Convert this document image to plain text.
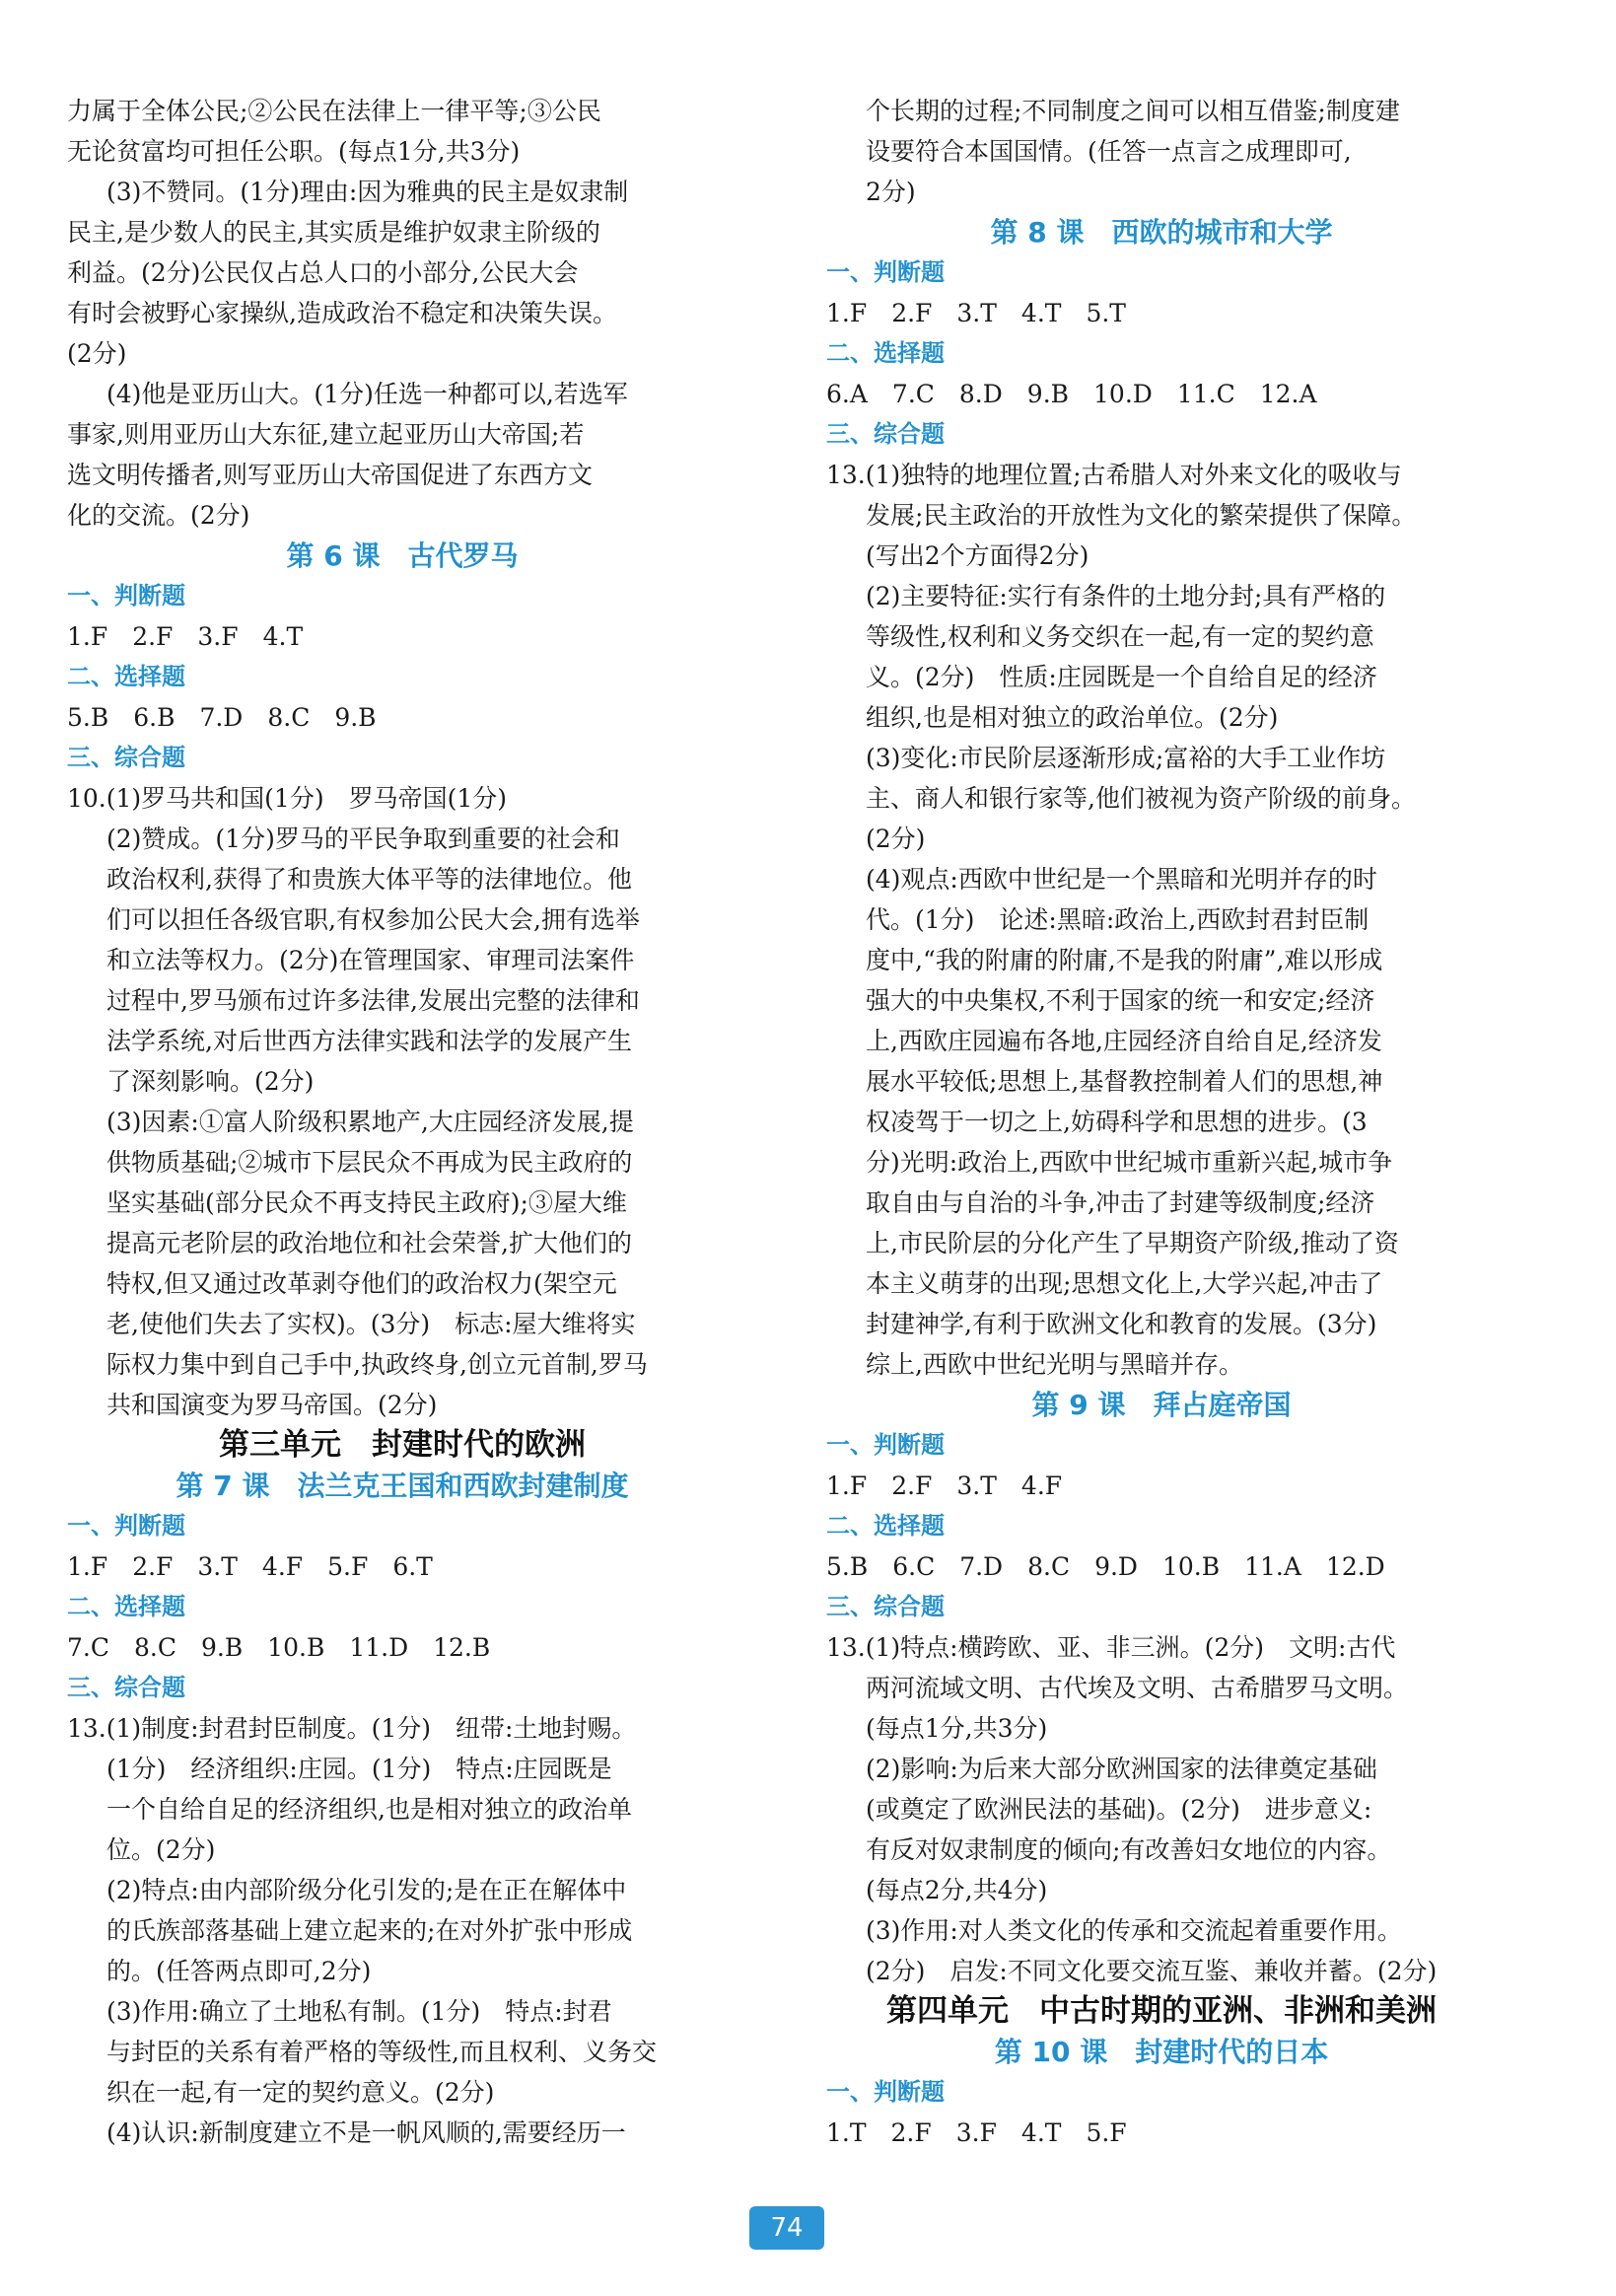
力属于全体公民;②公民在法律上一律平等;③公民
无论贫富均可担任公职。(每点1分,共3分)
(3)不赞同。(1分)理由:因为雅典的民主是奴隶制
民主,是少数人的民主,其实质是维护奴隶主阶级的
利益。(2分)公民仅占总人口的小部分,公民大会
有时会被野心家操纵,造成政治不稳定和决策失误。
(2分)
(4)他是亚历山大。(1分)任选一种都可以,若选军
事家,则用亚历山大东征,建立起亚历山大帝国;若
选文明传播者,则写亚历山大帝国促进了东西方文
化的交流。(2分)
第 6 课　古代罗马
一、判断题
1.F　2.F　3.F　4.T
二、选择题
5.B　6.B　7.D　8.C　9.B
三、综合题
10.(1)罗马共和国(1分)　罗马帝国(1分)
(2)赞成。(1分)罗马的平民争取到重要的社会和
政治权利,获得了和贵族大体平等的法律地位。他
们可以担任各级官职,有权参加公民大会,拥有选举
和立法等权力。(2分)在管理国家、审理司法案件
过程中,罗马颁布过许多法律,发展出完整的法律和
法学系统,对后世西方法律实践和法学的发展产生
了深刻影响。(2分)
(3)因素:①富人阶级积累地产,大庄园经济发展,提
供物质基础;②城市下层民众不再成为民主政府的
坚实基础(部分民众不再支持民主政府);③屋大维
提高元老阶层的政治地位和社会荣誉,扩大他们的
特权,但又通过改革剥夺他们的政治权力(架空元
老,使他们失去了实权)。(3分)　标志:屋大维将实
际权力集中到自己手中,执政终身,创立元首制,罗马
共和国演变为罗马帝国。(2分)
第三单元　封建时代的欧洲
第 7 课　法兰克王国和西欧封建制度
一、判断题
1.F　2.F　3.T　4.F　5.F　6.T
二、选择题
7.C　8.C　9.B　10.B　11.D　12.B
三、综合题
13.(1)制度:封君封臣制度。(1分)　纽带:土地封赐。
(1分)　经济组织:庄园。(1分)　特点:庄园既是
一个自给自足的经济组织,也是相对独立的政治单
位。(2分)
(2)特点:由内部阶级分化引发的;是在正在解体中
的氏族部落基础上建立起来的;在对外扩张中形成
的。(任答两点即可,2分)
(3)作用:确立了土地私有制。(1分)　特点:封君
与封臣的关系有着严格的等级性,而且权利、义务交
织在一起,有一定的契约意义。(2分)
(4)认识:新制度建立不是一帆风顺的,需要经历一
个长期的过程;不同制度之间可以相互借鉴;制度建
设要符合本国国情。(任答一点言之成理即可,
2分)
第 8 课　西欧的城市和大学
一、判断题
1.F　2.F　3.T　4.T　5.T
二、选择题
6.A　7.C　8.D　9.B　10.D　11.C　12.A
三、综合题
13.(1)独特的地理位置;古希腊人对外来文化的吸收与
发展;民主政治的开放性为文化的繁荣提供了保障。
(写出2个方面得2分)
(2)主要特征:实行有条件的土地分封;具有严格的
等级性,权利和义务交织在一起,有一定的契约意
义。(2分)　性质:庄园既是一个自给自足的经济
组织,也是相对独立的政治单位。(2分)
(3)变化:市民阶层逐渐形成;富裕的大手工业作坊
主、商人和银行家等,他们被视为资产阶级的前身。
(2分)
(4)观点:西欧中世纪是一个黑暗和光明并存的时
代。(1分)　论述:黑暗:政治上,西欧封君封臣制
度中,“我的附庸的附庸,不是我的附庸”,难以形成
强大的中央集权,不利于国家的统一和安定;经济
上,西欧庄园遍布各地,庄园经济自给自足,经济发
展水平较低;思想上,基督教控制着人们的思想,神
权凌驾于一切之上,妨碍科学和思想的进步。(3
分)光明:政治上,西欧中世纪城市重新兴起,城市争
取自由与自治的斗争,冲击了封建等级制度;经济
上,市民阶层的分化产生了早期资产阶级,推动了资
本主义萌芽的出现;思想文化上,大学兴起,冲击了
封建神学,有利于欧洲文化和教育的发展。(3分)
综上,西欧中世纪光明与黑暗并存。
第 9 课　拜占庭帝国
一、判断题
1.F　2.F　3.T　4.F
二、选择题
5.B　6.C　7.D　8.C　9.D　10.B　11.A　12.D
三、综合题
13.(1)特点:横跨欧、亚、非三洲。(2分)　文明:古代
两河流域文明、古代埃及文明、古希腊罗马文明。
(每点1分,共3分)
(2)影响:为后来大部分欧洲国家的法律奠定基础
(或奠定了欧洲民法的基础)。(2分)　进步意义:
有反对奴隶制度的倾向;有改善妇女地位的内容。
(每点2分,共4分)
(3)作用:对人类文化的传承和交流起着重要作用。
(2分)　启发:不同文化要交流互鉴、兼收并蓄。(2分)
第四单元　中古时期的亚洲、非洲和美洲
第 10 课　封建时代的日本
一、判断题
1.T　2.F　3.F　4.T　5.F
74
